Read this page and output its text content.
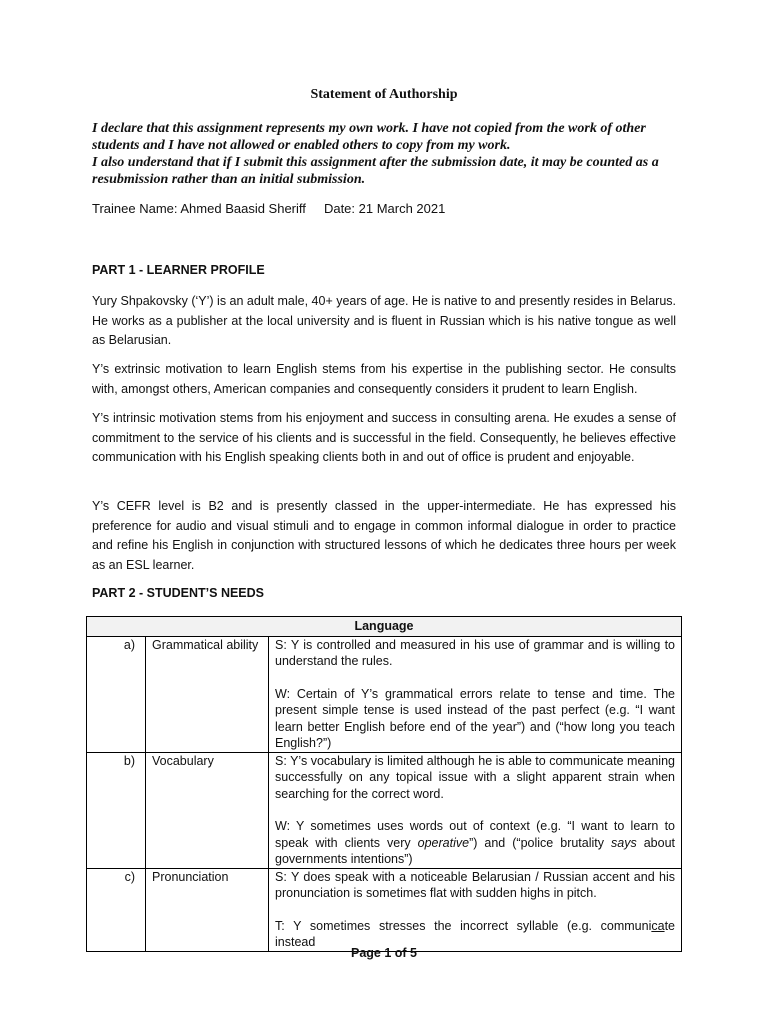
Statement of Authorship

I declare that this assignment represents my own work. I have not copied from the work of other students and I have not allowed or enabled others to copy from my work.

I also understand that if I submit this assignment after the submission date, it may be counted as a resubmission rather than an initial submission.

Trainee Name: Ahmed Baasid Sheriff     Date: 21 March 2021
PART 1 - LEARNER PROFILE

Yury Shpakovsky (‘Y’) is an adult male, 40+ years of age. He is native to and presently resides in Belarus. He works as a publisher at the local university and is fluent in Russian which is his native tongue as well as Belarusian.

Y’s extrinsic motivation to learn English stems from his expertise in the publishing sector. He consults with, amongst others, American companies and consequently considers it prudent to learn English.

Y’s intrinsic motivation stems from his enjoyment and success in consulting arena. He exudes a sense of commitment to the service of his clients and is successful in the field. Consequently, he believes effective communication with his English speaking clients both in and out of office is prudent and enjoyable.

Y’s CEFR level is B2 and is presently classed in the upper-intermediate. He has expressed his preference for audio and visual stimuli and to engage in common informal dialogue in order to practice and refine his English in conjunction with structured lessons of which he dedicates three hours per week as an ESL learner.

PART 2 - STUDENT’S NEEDS
Language		
a)	Grammatical ability	S: Y is controlled and measured in his use of grammar and is willing to understand the rules.

W: Certain of Y’s grammatical errors relate to tense and time. The present simple tense is used instead of the past perfect (e.g. “I want learn better English before end of the year”) and (“how long you teach English?”)

b)	Vocabulary	S: Y’s vocabulary is limited although he is able to communicate meaning successfully on any topical issue with a slight apparent strain when searching for the correct word.

W: Y sometimes uses words out of context (e.g. “I want to learn to speak with clients very operative”) and (“police brutality says about governments intentions”)

c)	Pronunciation	S: Y does speak with a noticeable Belarusian / Russian accent and his pronunciation is sometimes flat with sudden highs in pitch.

T: Y sometimes stresses the incorrect syllable (e.g. communicate instead

Page 1 of 5
